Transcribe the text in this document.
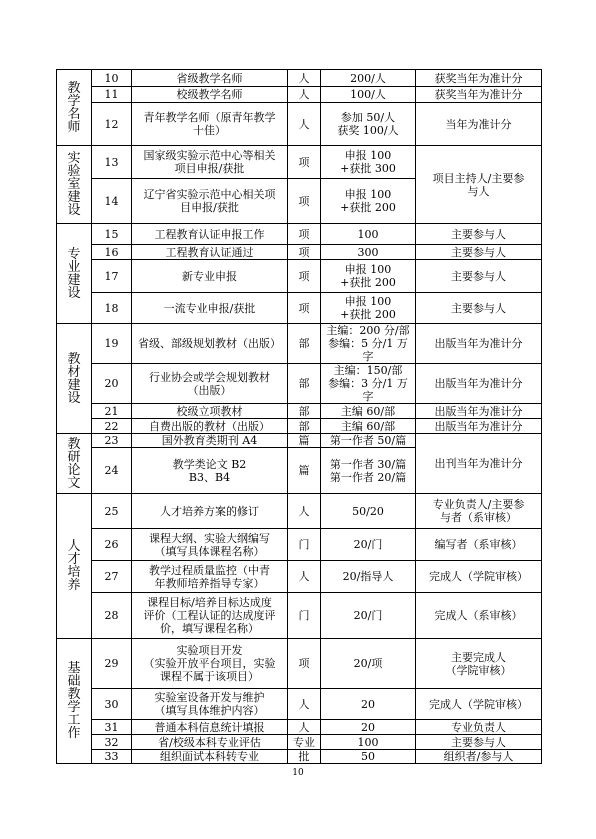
教学名师	10	省级教学名师	人	200/人	获奖当年为准计分
	11	校级教学名师	人	100/人	获奖当年为准计分
	12	青年教学名师（原青年教学
十佳）	人	参加 50/人
获奖 100/人	当年为准计分

实验室建设	13	国家级实验示范中心等相关
项目申报/获批	项	申报 100
+获批 300	项目主持人/主要参
与人
	14	辽宁省实验示范中心相关项
目申报/获批	项	申报 100
+获批 200	

专业建设	15	工程教育认证申报工作	项	100	主要参与人
	16	工程教育认证通过	项	300	主要参与人
	17	新专业申报	项	申报 100
+获批 200	主要参与人
	18	一流专业申报/获批	项	申报 100
+获批 200	主要参与人

教材建设	19	省级、部级规划教材（出版）	部	主编：200 分/部
参编：5 分/1 万字	出版当年为准计分
	20	行业协会或学会规划教材
（出版）	部	主编：150/部
参编：3 分/1 万字	出版当年为准计分
	21	校级立项教材	部	主编 60/部	出版当年为准计分
	22	自费出版的教材（出版）	部	主编 60/部	出版当年为准计分

教研论文	23	国外教育类期刊 A4	篇	第一作者 50/篇	出刊当年为准计分
	24	教学类论文 B2
B3、B4	篇	第一作者 30/篇
第一作者 20/篇	

人才培养	25	人才培养方案的修订	人	50/20	专业负责人/主要参
与者（系审核）
	26	课程大纲、实验大纲编写
（填写具体课程名称）	门	20/门	编写者（系审核）
	27	教学过程质量监控（中青
年教师培养指导专家）	人	20/指导人	完成人（学院审核）
	28	课程目标/培养目标达成度
评价（工程认证的达成度评
价，填写课程名称）	门	20/门	完成人（系审核）

基础教学工作	29	实验项目开发
（实验开放平台项目，实验
课程不属于该项目）	项	20/项	主要完成人
（学院审核）
	30	实验室设备开发与维护
（填写具体维护内容）	人	20	完成人（学院审核）
	31	普通本科信息统计填报	人	20	专业负责人
	32	省/校级本科专业评估	专业	100	主要参与人
	33	组织面试本科转专业	批	50	组织者/参与人
10
